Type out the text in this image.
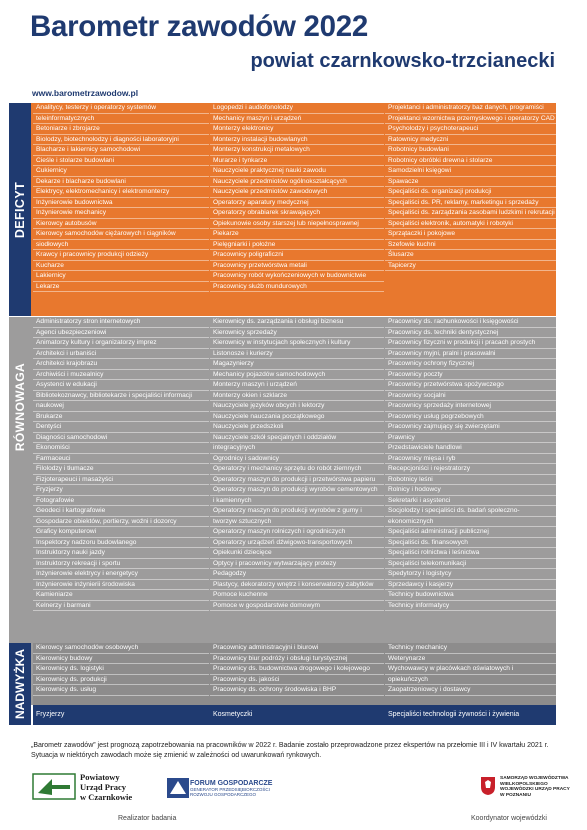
Barometr zawodów 2022
powiat czarnkowsko-trzcianecki
www.barometrzawodow.pl
DEFICYT
Analitycy, testerzy i operatorzy systemów
teleinformatycznych
Betoniarze i zbrojarze
Biolodzy, biotechnolodzy i diagności laboratoryjni
Blacharze i lakiernicy samochodowi
Cieśle i stolarze budowlani
Cukiernicy
Dekarze i blacharze budowlani
Elektrycy, elektromechanicy i elektromonterzy
Inżynierowie budownictwa
Inżynierowie mechanicy
Kierowcy autobusów
Kierowcy samochodów ciężarowych i ciągników
siodłowych
Krawcy i pracownicy produkcji odzieży
Kucharze
Lakiernicy
Lekarze
Logopedzi i audiofonolodzy
Mechanicy maszyn i urządzeń
Monterzy elektronicy
Monterzy instalacji budowlanych
Monterzy konstrukcji metalowych
Murarze i tynkarze
Nauczyciele praktycznej nauki zawodu
Nauczyciele przedmiotów ogólnokształcących
Nauczyciele przedmiotów zawodowych
Operatorzy aparatury medycznej
Operatorzy obrabiarek skrawających
Opiekunowie osoby starszej lub niepełnosprawnej
Piekarze
Pielęgniarki i położne
Pracownicy poligraficzni
Pracownicy przetwórstwa metali
Pracownicy robót wykończeniowych w budownictwie
Pracownicy służb mundurowych
Projektanci i administratorzy baz danych, programiści
Projektanci wzornictwa przemysłowego i operatorzy CAD
Psycholodzy i psychoterapeuci
Ratownicy medyczni
Robotnicy budowlani
Robotnicy obróbki drewna i stolarze
Samodzielni księgowi
Spawacze
Specjaliści ds. organizacji produkcji
Specjaliści ds. PR, reklamy, marketingu i sprzedaży
Specjaliści ds. zarządzania zasobami ludzkimi i rekrutacji
Specjaliści elektronik, automatyki i robotyki
Sprzątaczki i pokojowe
Szefowie kuchni
Ślusarze
Tapicerzy
RÓWNOWAGA
Administratorzy stron internetowych
Agenci ubezpieczeniowi
Animatorzy kultury i organizatorzy imprez
Architekci i urbaniści
Architekci krajobrazu
Archiwiści i muzealnicy
Asystenci w edukacji
Bibliotekoznawcy, bibliotekarze i specjaliści informacji
naukowej
Brukarze
Dentyści
Diagności samochodowi
Ekonomiści
Farmaceuci
Filolodzy i tłumacze
Fizjoterapeuci i masażyści
Fryzjerzy
Fotografowie
Geodeci i kartografowie
Gospodarze obiektów, portierzy, woźni i dozorcy
Graficy komputerowi
Inspektorzy nadzoru budowlanego
Instruktorzy nauki jazdy
Instruktorzy rekreacji i sportu
Inżynierowie elektrycy i energetycy
Inżynierowie inżynierii środowiska
Kamieniarze
Kelnerzy i barmani
Kierownicy ds. zarządzania i obsługi biznesu
Kierownicy sprzedaży
Kierownicy w instytucjach społecznych i kultury
Listonosze i kurierzy
Magazynierzy
Mechanicy pojazdów samochodowych
Monterzy maszyn i urządzeń
Monterzy okien i szklarze
Nauczyciele języków obcych i lektorzy
Nauczyciele nauczania początkowego
Nauczyciele przedszkoli
Nauczyciele szkół specjalnych i oddziałów
integracyjnych
Ogrodnicy i sadownicy
Operatorzy i mechanicy sprzętu do robót ziemnych
Operatorzy maszyn do produkcji i przetwórstwa papieru
Operatorzy maszyn do produkcji wyrobów cementowych
i kamiennych
Operatorzy maszyn do produkcji wyrobów z gumy i
tworzyw sztucznych
Operatorzy maszyn rolniczych i ogrodniczych
Operatorzy urządzeń dźwigowo-transportowych
Opiekunki dziecięce
Optycy i pracownicy wytwarzający protezy
Pedagodzy
Plastycy, dekoratorzy wnętrz i konserwatorzy zabytków
Pomoce kuchenne
Pomoce w gospodarstwie domowym
Pracownicy ds. rachunkowości i księgowości
Pracownicy ds. techniki dentystycznej
Pracownicy fizyczni w produkcji i pracach prostych
Pracownicy myjni, pralni i prasowalni
Pracownicy ochrony fizycznej
Pracownicy poczty
Pracownicy przetwórstwa spożywczego
Pracownicy socjalni
Pracownicy sprzedaży internetowej
Pracownicy usług pogrzebowych
Pracownicy zajmujący się zwierzętami
Prawnicy
Przedstawiciele handlowi
Pracownicy mięsa i ryb
Recepcjoniści i rejestratorzy
Robotnicy leśni
Rolnicy i hodowcy
Sekretarki i asystenci
Socjolodzy i specjaliści ds. badań społeczno-
ekonomicznych
Specjaliści administracji publicznej
Specjaliści ds. finansowych
Specjaliści rolnictwa i leśnictwa
Specjaliści telekomunikacji
Spedytorzy i logistycy
Sprzedawcy i kasjerzy
Technicy budownictwa
Technicy informatycy
NADWYŻKA
Kierowcy samochodów osobowych
Kierownicy budowy
Kierownicy ds. logistyki
Kierownicy ds. produkcji
Kierownicy ds. usług
Pracownicy administracyjni i biurowi
Pracownicy biur podróży i obsługi turystycznej
Pracownicy ds. budownictwa drogowego i kolejowego
Pracownicy ds. jakości
Pracownicy ds. ochrony środowiska i BHP
Technicy mechanicy
Weterynarze
Wychowawcy w placówkach oświatowych i
opiekuńczych
Zaopatrzeniowcy i dostawcy
Fryzjerzy	Kosmetyczki	Specjaliści technologii żywności i żywienia
„Barometr zawodów” jest prognozą zapotrzebowania na pracowników w 2022 r. Badanie zostało przeprowadzone przez ekspertów na przełomie III i IV kwartału 2021 r. Sytuacja w niektórych zawodach może się zmienić w zależności od uwarunkowań rynkowych.
Powiatowy
Urząd Pracy
w Czarnkowie
FORUM GOSPODARCZE
GENERATOR PRZEDSIĘBIORCZOŚCI
ROZWOJU GOSPODARCZEGO
Realizator badania
SAMORZĄD WOJEWÓDZTWA
WIELKOPOLSKIEGO
WOJEWÓDZKI URZĄD PRACY
W POZNANIU
Koordynator wojewódzki
